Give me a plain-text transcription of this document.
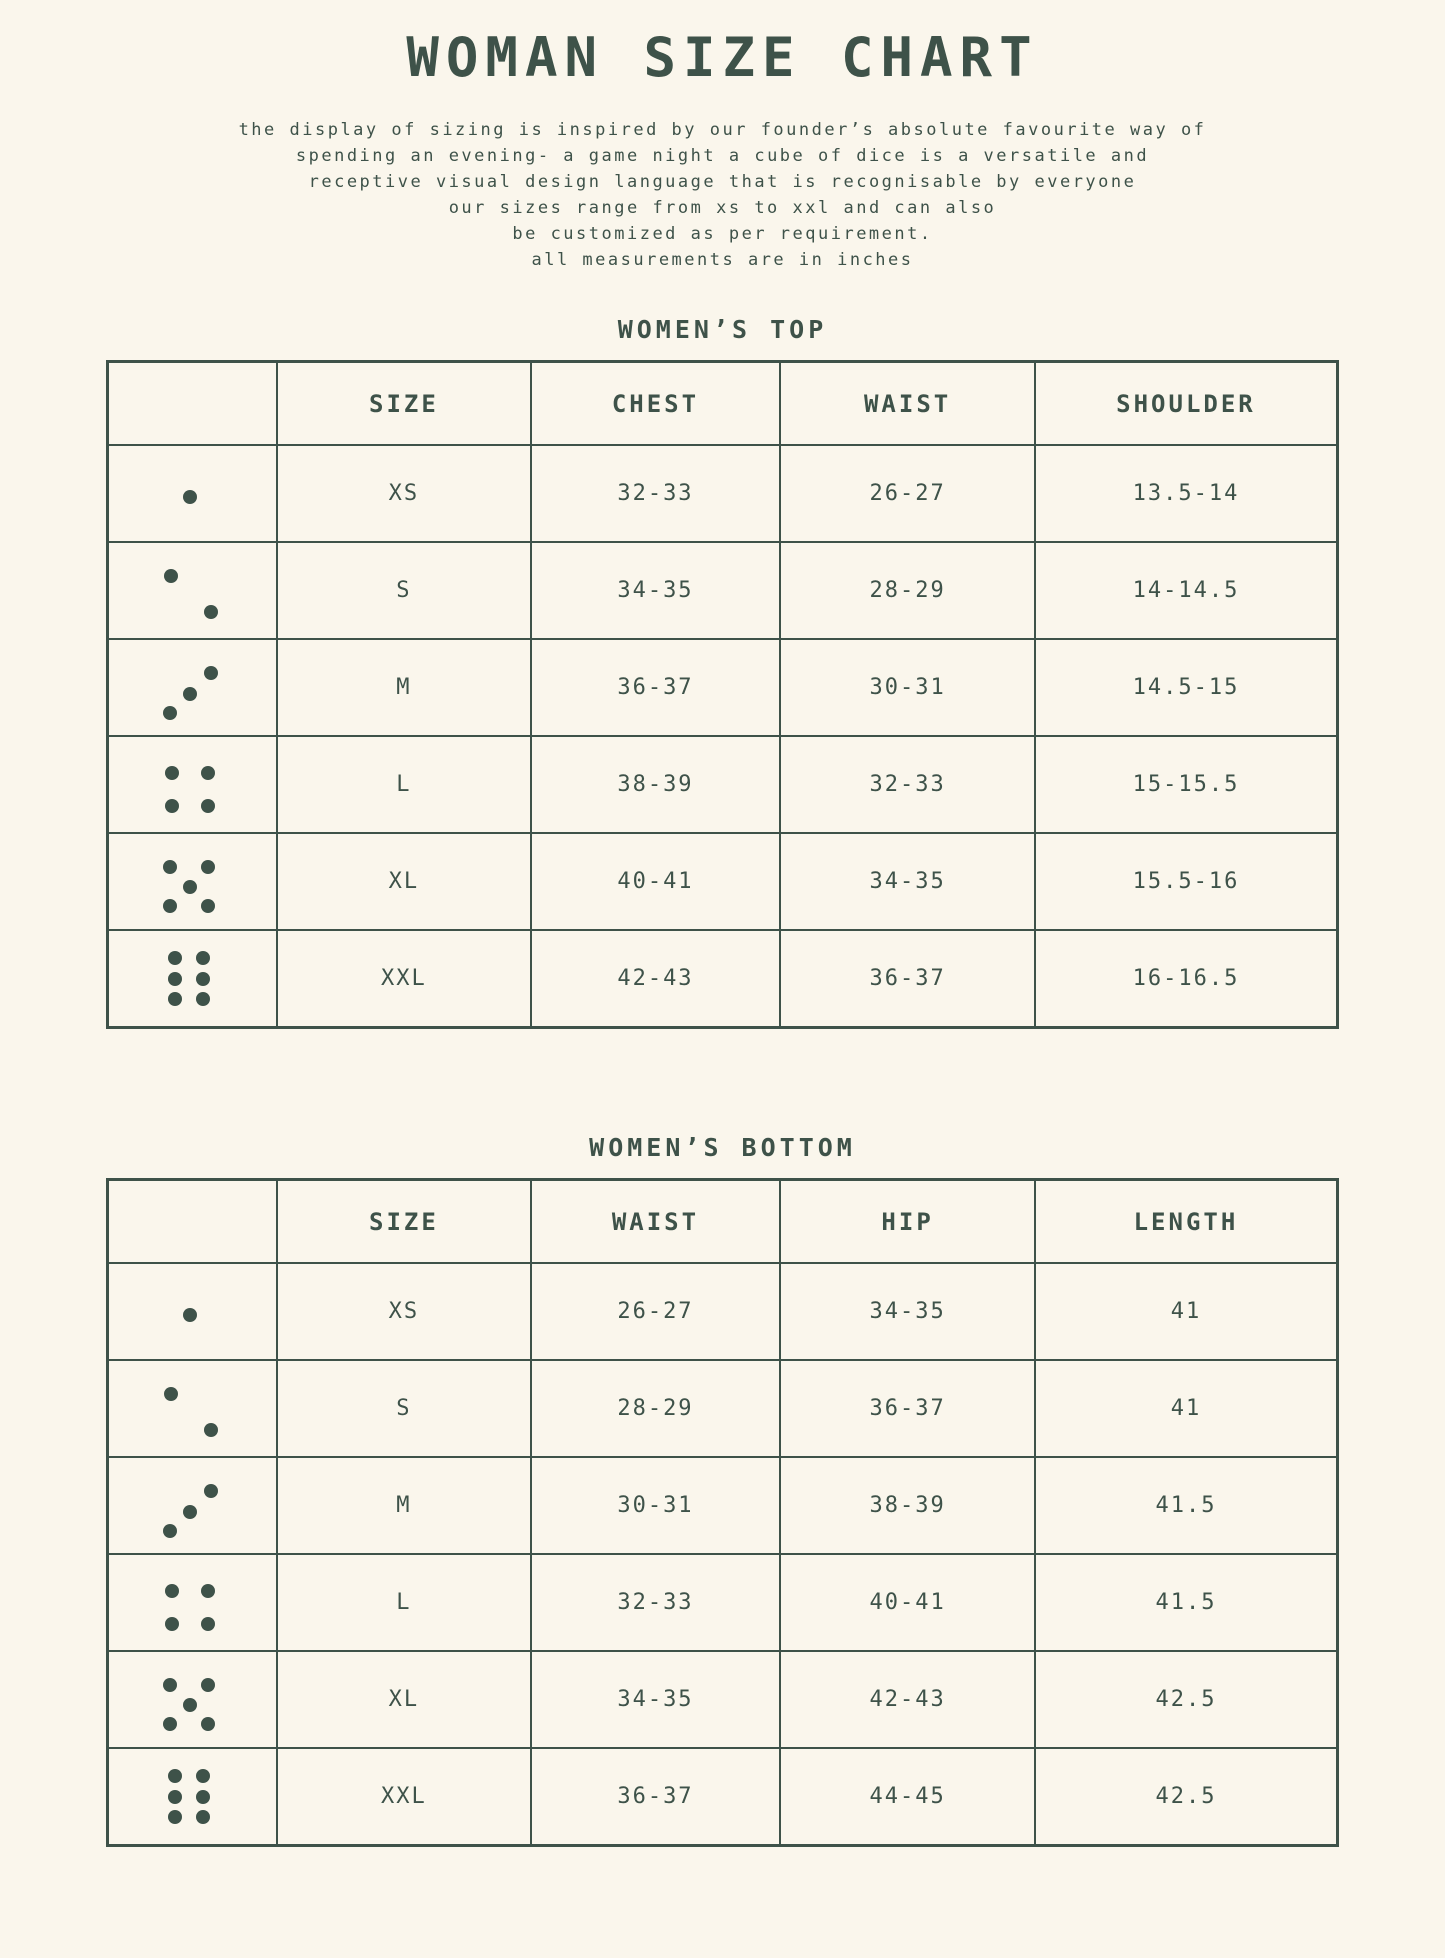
WOMAN SIZE CHART
the display of sizing is inspired by our founder’s absolute favourite way of
spending an evening- a game night a cube of dice is a versatile and
receptive visual design language that is recognisable by everyone
our sizes range from xs to xxl and can also
be customized as per requirement.
all measurements are in inches
WOMEN’S TOP
	SIZE	CHEST	WAIST	SHOULDER

	XS	32-33	26-27	13.5-14

	S	34-35	28-29	14-14.5

	M	36-37	30-31	14.5-15

	L	38-39	32-33	15-15.5

	XL	40-41	34-35	15.5-16

	XXL	42-43	36-37	16-16.5
WOMEN’S BOTTOM
	SIZE	WAIST	HIP	LENGTH

	XS	26-27	34-35	41

	S	28-29	36-37	41

	M	30-31	38-39	41.5

	L	32-33	40-41	41.5

	XL	34-35	42-43	42.5

	XXL	36-37	44-45	42.5
